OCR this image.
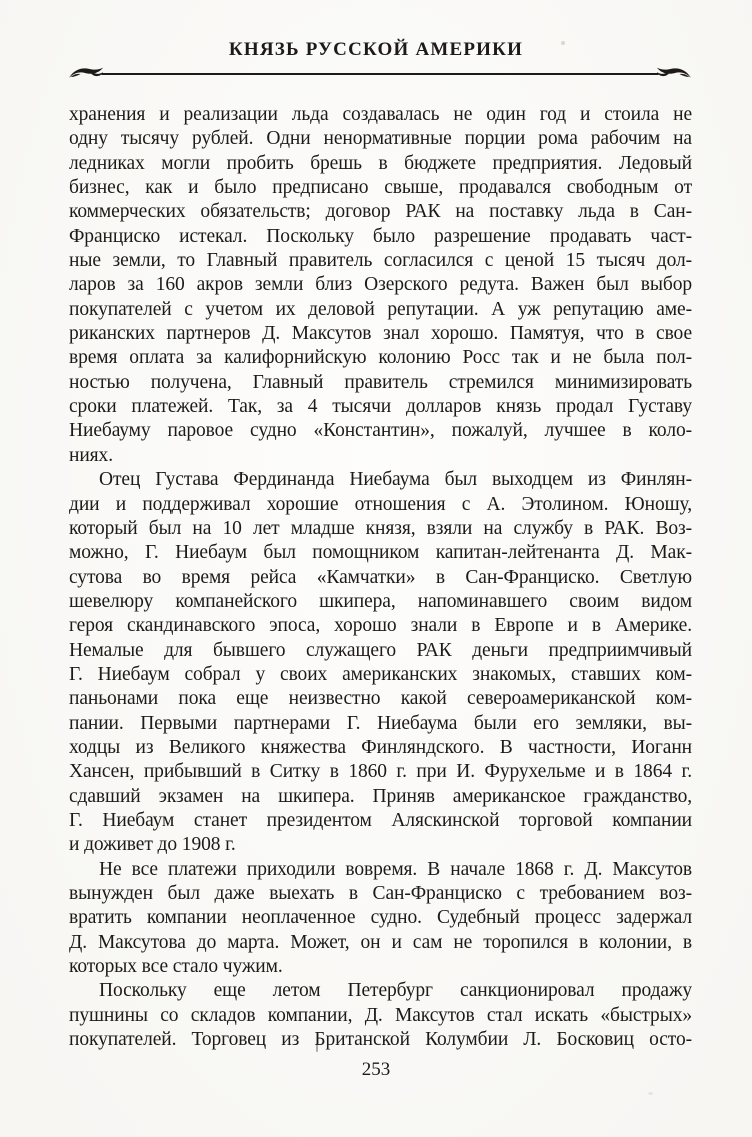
КНЯЗЬ РУССКОЙ АМЕРИКИ
хранения и реализации льда создавалась не один год и стоила не
одну тысячу рублей. Одни ненормативные порции рома рабочим на
ледниках могли пробить брешь в бюджете предприятия. Ледовый
бизнес, как и было предписано свыше, продавался свободным от
коммерческих обязательств; договор РАК на поставку льда в Сан-
Франциско истекал. Поскольку было разрешение продавать част-
ные земли, то Главный правитель согласился с ценой 15 тысяч дол-
ларов за 160 акров земли близ Озерского редута. Важен был выбор
покупателей с учетом их деловой репутации. А уж репутацию аме-
риканских партнеров Д. Максутов знал хорошо. Памятуя, что в свое
время оплата за калифорнийскую колонию Росс так и не была пол-
ностью получена, Главный правитель стремился минимизировать
сроки платежей. Так, за 4 тысячи долларов князь продал Густаву
Ниебауму паровое судно «Константин», пожалуй, лучшее в коло-
ниях.
Отец Густава Фердинанда Ниебаума был выходцем из Финлян-
дии и поддерживал хорошие отношения с А. Этолином. Юношу,
который был на 10 лет младше князя, взяли на службу в РАК. Воз-
можно, Г. Ниебаум был помощником капитан-лейтенанта Д. Мак-
сутова во время рейса «Камчатки» в Сан-Франциско. Светлую
шевелюру компанейского шкипера, напоминавшего своим видом
героя скандинавского эпоса, хорошо знали в Европе и в Америке.
Немалые для бывшего служащего РАК деньги предприимчивый
Г. Ниебаум собрал у своих американских знакомых, ставших ком-
паньонами пока еще неизвестно какой североамериканской ком-
пании. Первыми партнерами Г. Ниебаума были его земляки, вы-
ходцы из Великого княжества Финляндского. В частности, Иоганн
Хансен, прибывший в Ситку в 1860 г. при И. Фурухельме и в 1864 г.
сдавший экзамен на шкипера. Приняв американское гражданство,
Г. Ниебаум станет президентом Аляскинской торговой компании
и доживет до 1908 г.
Не все платежи приходили вовремя. В начале 1868 г. Д. Максутов
вынужден был даже выехать в Сан-Франциско с требованием воз-
вратить компании неоплаченное судно. Судебный процесс задержал
Д. Максутова до марта. Может, он и сам не торопился в колонии, в
которых все стало чужим.
Поскольку еще летом Петербург санкционировал продажу
пушнины со складов компании, Д. Максутов стал искать «быстрых»
покупателей. Торговец из Британской Колумбии Л. Босковиц осто-
253
